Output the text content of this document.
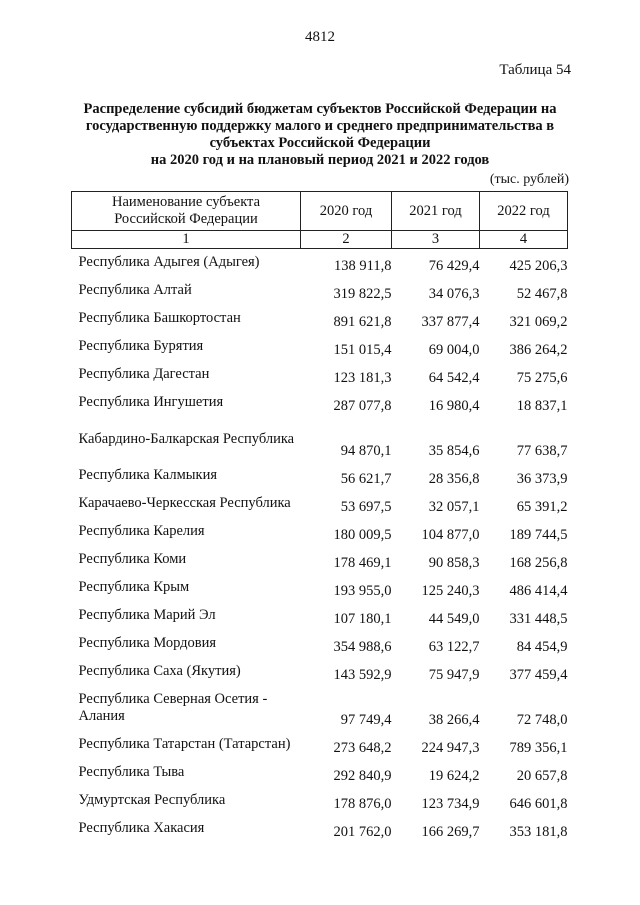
4812
Таблица 54
Распределение субсидий бюджетам субъектов Российской Федерации на
государственную поддержку малого и среднего предпринимательства в
субъектах Российской Федерации
на 2020 год и на плановый период 2021 и 2022 годов
(тыс. рублей)
Наименование субъекта Российской Федерации	2020 год	2021 год	2022 год
1	2	3	4
Республика Адыгея (Адыгея)	138 911,8	76 429,4	425 206,3
Республика Алтай	319 822,5	34 076,3	52 467,8
Республика Башкортостан	891 621,8	337 877,4	321 069,2
Республика Бурятия	151 015,4	69 004,0	386 264,2
Республика Дагестан	123 181,3	64 542,4	75 275,6
Республика Ингушетия	287 077,8	16 980,4	18 837,1
Кабардино-Балкарская Республика	94 870,1	35 854,6	77 638,7
Республика Калмыкия	56 621,7	28 356,8	36 373,9
Карачаево-Черкесская Республика	53 697,5	32 057,1	65 391,2
Республика Карелия	180 009,5	104 877,0	189 744,5
Республика Коми	178 469,1	90 858,3	168 256,8
Республика Крым	193 955,0	125 240,3	486 414,4
Республика Марий Эл	107 180,1	44 549,0	331 448,5
Республика Мордовия	354 988,6	63 122,7	84 454,9
Республика Саха (Якутия)	143 592,9	75 947,9	377 459,4
Республика Северная Осетия - Алания	97 749,4	38 266,4	72 748,0
Республика Татарстан (Татарстан)	273 648,2	224 947,3	789 356,1
Республика Тыва	292 840,9	19 624,2	20 657,8
Удмуртская Республика	178 876,0	123 734,9	646 601,8
Республика Хакасия	201 762,0	166 269,7	353 181,8
